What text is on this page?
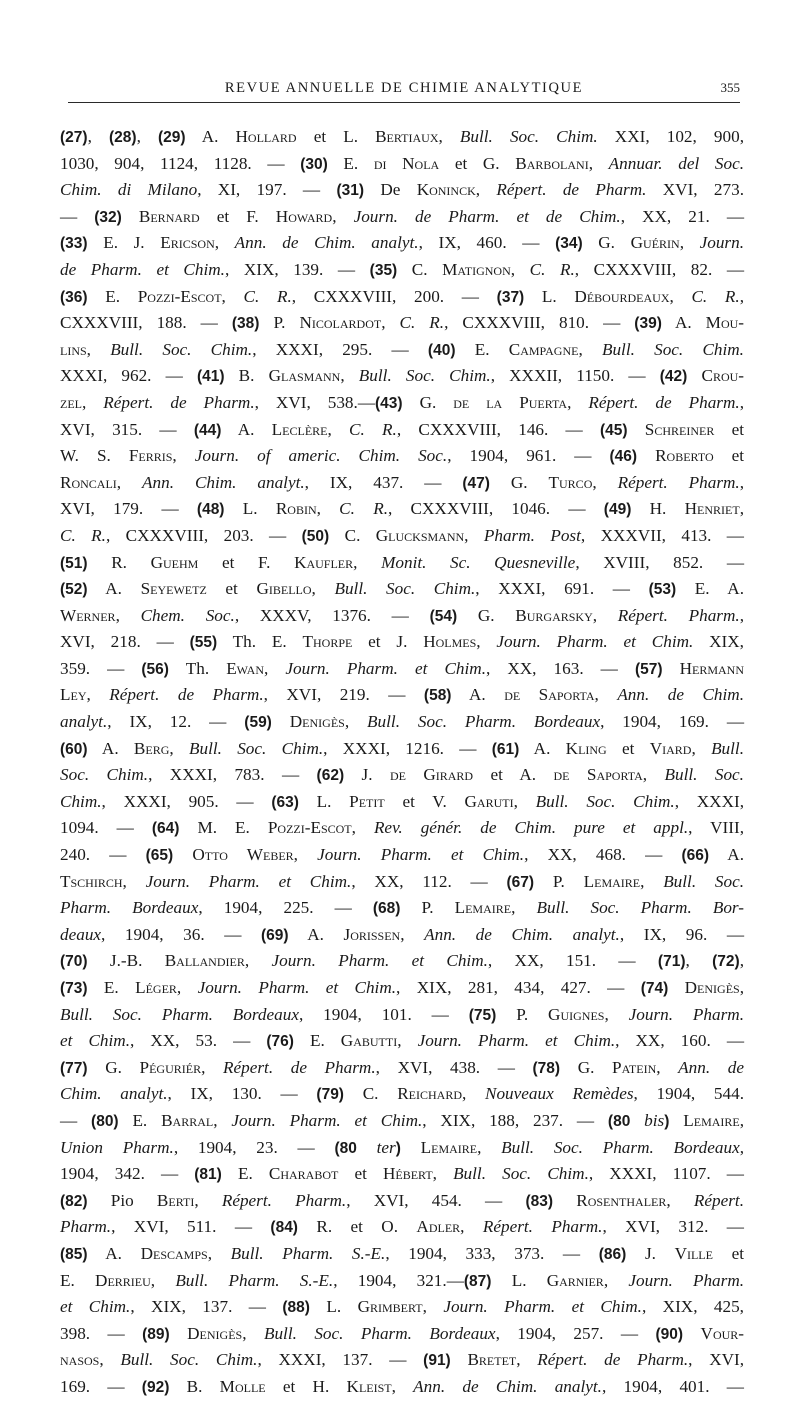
REVUE ANNUELLE DE CHIMIE ANALYTIQUE	355
(27), (28), (29) A. Hollard et L. Bertiaux, Bull. Soc. Chim. XXI, 102, 900,
1030, 904, 1124, 1128. — (30) E. di Nola et G. Barbolani, Annuar. del Soc.
Chim. di Milano, XI, 197. — (31) De Koninck, Répert. de Pharm. XVI, 273.
— (32) Bernard et F. Howard, Journ. de Pharm. et de Chim., XX, 21. —
(33) E. J. Ericson, Ann. de Chim. analyt., IX, 460. — (34) G. Guérin, Journ.
de Pharm. et Chim., XIX, 139. — (35) C. Matignon, C. R., CXXXVIII, 82. —
(36) E. Pozzi-Escot, C. R., CXXXVIII, 200. — (37) L. Débourdeaux, C. R.,
CXXXVIII, 188. — (38) P. Nicolardot, C. R., CXXXVIII, 810. — (39) A. Mou-
lins, Bull. Soc. Chim., XXXI, 295. — (40) E. Campagne, Bull. Soc. Chim.
XXXI, 962. — (41) B. Glasmann, Bull. Soc. Chim., XXXII, 1150. — (42) Crou-
zel, Répert. de Pharm., XVI, 538.—(43) G. de la Puerta, Répert. de Pharm.,
XVI, 315. — (44) A. Leclère, C. R., CXXXVIII, 146. — (45) Schreiner et
W. S. Ferris, Journ. of americ. Chim. Soc., 1904, 961. — (46) Roberto et
Roncali, Ann. Chim. analyt., IX, 437. — (47) G. Turco, Répert. Pharm.,
XVI, 179. — (48) L. Robin, C. R., CXXXVIII, 1046. — (49) H. Henriet,
C. R., CXXXVIII, 203. — (50) C. Glucksmann, Pharm. Post, XXXVII, 413. —
(51) R. Guehm et F. Kaufler, Monit. Sc. Quesneville, XVIII, 852. —
(52) A. Seyewetz et Gibello, Bull. Soc. Chim., XXXI, 691. — (53) E. A.
Werner, Chem. Soc., XXXV, 1376. — (54) G. Burgarsky, Répert. Pharm.,
XVI, 218. — (55) Th. E. Thorpe et J. Holmes, Journ. Pharm. et Chim. XIX,
359. — (56) Th. Ewan, Journ. Pharm. et Chim., XX, 163. — (57) Hermann
Ley, Répert. de Pharm., XVI, 219. — (58) A. de Saporta, Ann. de Chim.
analyt., IX, 12. — (59) Denigès, Bull. Soc. Pharm. Bordeaux, 1904, 169. —
(60) A. Berg, Bull. Soc. Chim., XXXI, 1216. — (61) A. Kling et Viard, Bull.
Soc. Chim., XXXI, 783. — (62) J. de Girard et A. de Saporta, Bull. Soc.
Chim., XXXI, 905. — (63) L. Petit et V. Garuti, Bull. Soc. Chim., XXXI,
1094. — (64) M. E. Pozzi-Escot, Rev. génér. de Chim. pure et appl., VIII,
240. — (65) Otto Weber, Journ. Pharm. et Chim., XX, 468. — (66) A.
Tschirch, Journ. Pharm. et Chim., XX, 112. — (67) P. Lemaire, Bull. Soc.
Pharm. Bordeaux, 1904, 225. — (68) P. Lemaire, Bull. Soc. Pharm. Bor-
deaux, 1904, 36. — (69) A. Jorissen, Ann. de Chim. analyt., IX, 96. —
(70) J.-B. Ballandier, Journ. Pharm. et Chim., XX, 151. — (71), (72),
(73) E. Léger, Journ. Pharm. et Chim., XIX, 281, 434, 427. — (74) Denigès,
Bull. Soc. Pharm. Bordeaux, 1904, 101. — (75) P. Guignes, Journ. Pharm.
et Chim., XX, 53. — (76) E. Gabutti, Journ. Pharm. et Chim., XX, 160. —
(77) G. Péguriér, Répert. de Pharm., XVI, 438. — (78) G. Patein, Ann. de
Chim. analyt., IX, 130. — (79) C. Reichard, Nouveaux Remèdes, 1904, 544.
— (80) E. Barral, Journ. Pharm. et Chim., XIX, 188, 237. — (80 bis) Lemaire,
Union Pharm., 1904, 23. — (80 ter) Lemaire, Bull. Soc. Pharm. Bordeaux,
1904, 342. — (81) E. Charabot et Hébert, Bull. Soc. Chim., XXXI, 1107. —
(82) Pio Berti, Répert. Pharm., XVI, 454. — (83) Rosenthaler, Répert.
Pharm., XVI, 511. — (84) R. et O. Adler, Répert. Pharm., XVI, 312. —
(85) A. Descamps, Bull. Pharm. S.-E., 1904, 333, 373. — (86) J. Ville et
E. Derrieu, Bull. Pharm. S.-E., 1904, 321.—(87) L. Garnier, Journ. Pharm.
et Chim., XIX, 137. — (88) L. Grimbert, Journ. Pharm. et Chim., XIX, 425,
398. — (89) Denigès, Bull. Soc. Pharm. Bordeaux, 1904, 257. — (90) Vour-
nasos, Bull. Soc. Chim., XXXI, 137. — (91) Bretet, Répert. de Pharm., XVI,
169. — (92) B. Molle et H. Kleist, Ann. de Chim. analyt., 1904, 401. —
